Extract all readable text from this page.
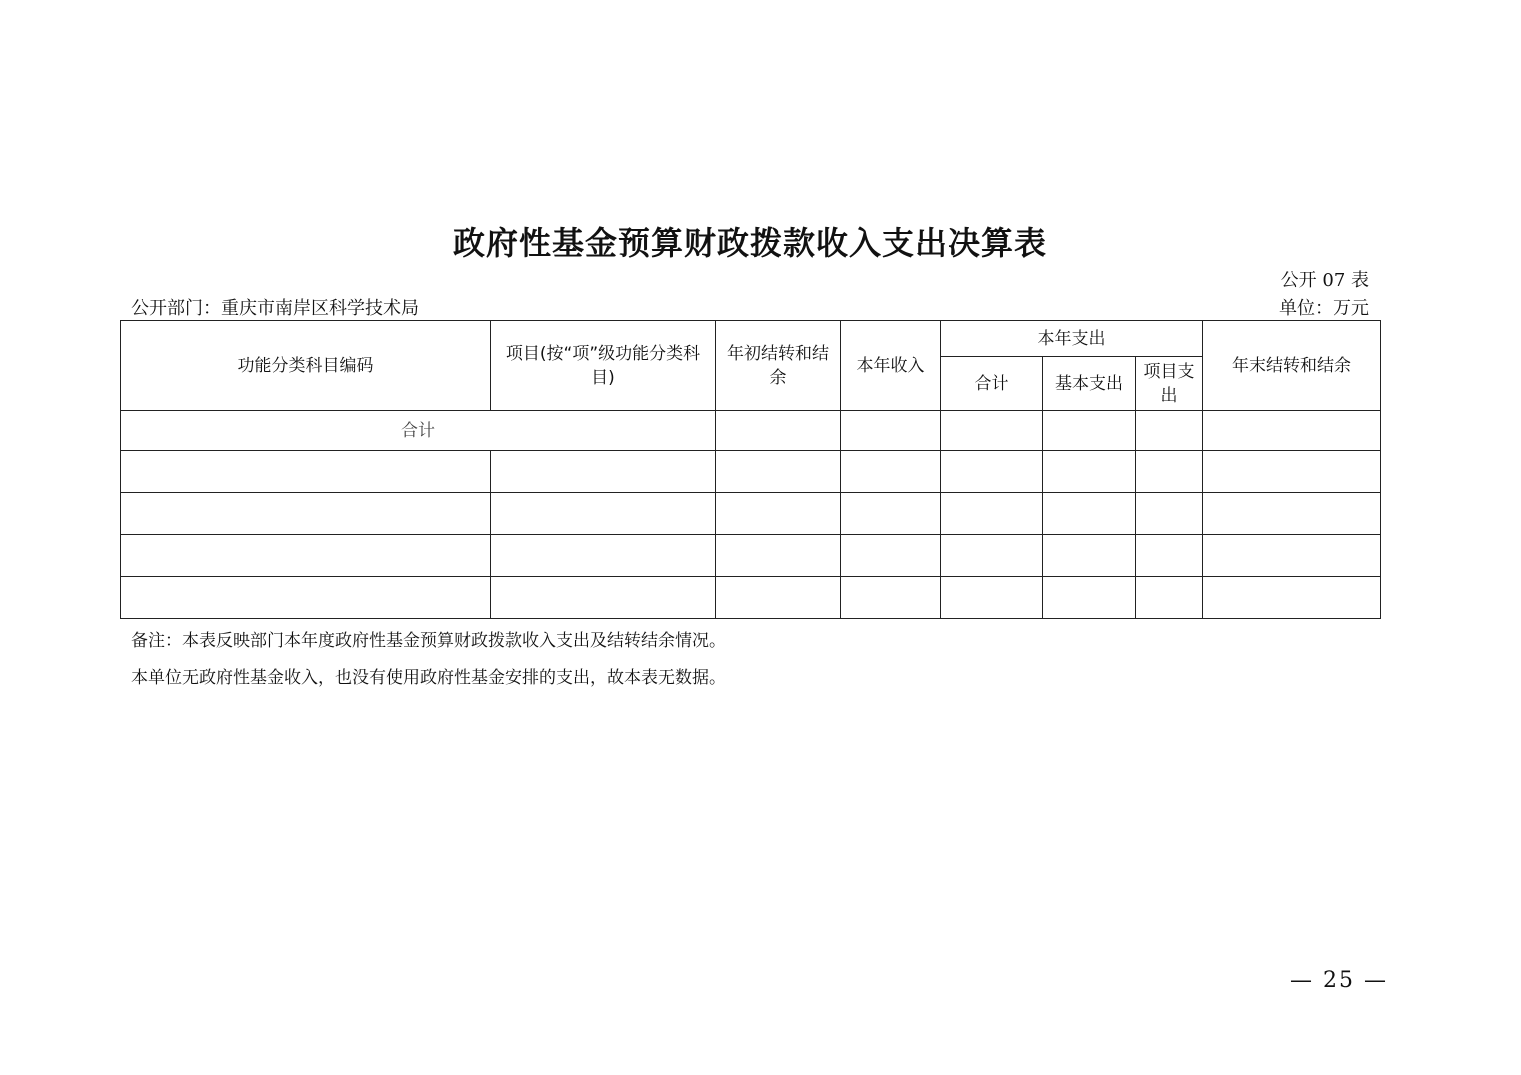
政府性基金预算财政拨款收入支出决算表
公开 07 表
公开部门：重庆市南岸区科学技术局	单位：万元
功能分类科目编码	项目(按“项”级功能分类科目)	年初结转和结余	本年收入	本年支出			年末结转和结余
				合计	基本支出	项目支出	
合计							

备注：本表反映部门本年度政府性基金预算财政拨款收入支出及结转结余情况。
本单位无政府性基金收入，也没有使用政府性基金安排的支出，故本表无数据。
— 25 —
